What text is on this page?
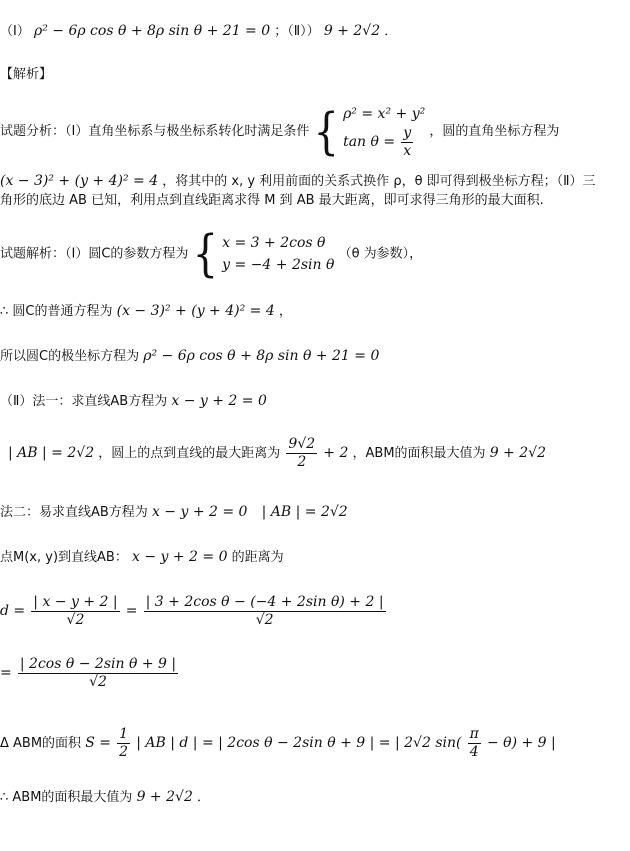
（Ⅰ） ρ² − 6ρ cos θ + 8ρ sin θ + 21 = 0 ；（Ⅱ）） 9 + 2√2 ．
【解析】
试题分析：（Ⅰ）直角坐标系与极坐标系转化时满足条件 { ρ² = x² + y²
$\tan \theta = \frac{y}{x}$ ，圆的直角坐标方程为
(x − 3)² + (y + 4)² = 4 ，将其中的 x, y 利用前面的关系式换作 ρ，θ 即可得到极坐标方程；（Ⅱ）三
角形的底边 AB 已知，利用点到直线距离求得 M 到 AB 最大距离，即可求得三角形的最大面积.
试题解析：（Ⅰ）圆C的参数方程为 { x = 3 + 2cos θ
y = −4 + 2sin θ
（θ 为参数），
∴ 圆C的普通方程为 (x − 3)² + (y + 4)² = 4 ，
所以圆C的极坐标方程为 ρ² − 6ρ cos θ + 8ρ sin θ + 21 = 0
（Ⅱ）法一：求直线AB方程为 x − y + 2 = 0
| AB | = 2√2 ，圆上的点到直线的最大距离为 $\frac{9√2}{2} + 2$ ，ABM的面积最大值为 9 + 2√2
法二：易求直线AB方程为 x − y + 2 = 0 | AB | = 2√2
点M(x, y)到直线AB： x − y + 2 = 0 的距离为
$d = \frac{| x - y + 2 |}{√2} = \frac{\text{| 3 + 2cos θ − (−4 + 2sin θ) + 2 |}}{√2}$
= $\frac{\text{| 2cos θ − 2sin θ + 9 |}}{√2}$
Δ ABM的面积 $S = \frac{1}{2}$ | AB | d | = | 2cos θ − 2sin θ + 9 | = | 2√2 $\sin( \frac{\pi}{4} - \theta) + 9$ |
∴ ABM的面积最大值为 9 + 2√2 ．
